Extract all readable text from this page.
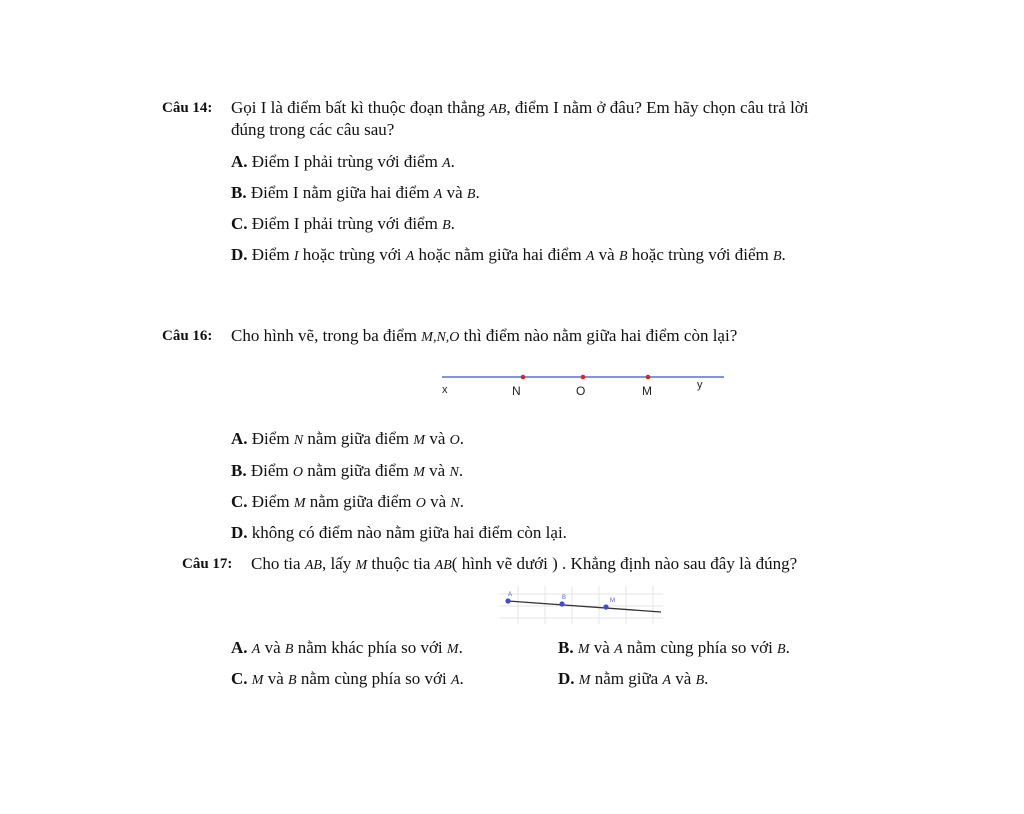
Câu 14: Gọi I là điểm bất kì thuộc đoạn thẳng AB, điểm I nằm ở đâu? Em hãy chọn câu trả lời
đúng trong các câu sau?
A. Điểm I phải trùng với điểm A.
B. Điểm I nằm giữa hai điểm A và B.
C. Điểm I phải trùng với điểm B.
D. Điểm I hoặc trùng với A hoặc nằm giữa hai điểm A và B hoặc trùng với điểm B.
Câu 16: Cho hình vẽ, trong ba điểm M,N,O thì điểm nào nằm giữa hai điểm còn lại?
x	N	O	M	y
A. Điểm N nằm giữa điểm M và O.
B. Điểm O nằm giữa điểm M và N.
C. Điểm M nằm giữa điểm O và N.
D. không có điểm nào nằm giữa hai điểm còn lại.
Câu 17: Cho tia AB, lấy M thuộc tia AB( hình vẽ dưới ) . Khẳng định nào sau đây là đúng?
A	B	M
A. A và B nằm khác phía so với M.	B. M và A nằm cùng phía so với B.
C. M và B nằm cùng phía so với A.	D. M nằm giữa A và B.
